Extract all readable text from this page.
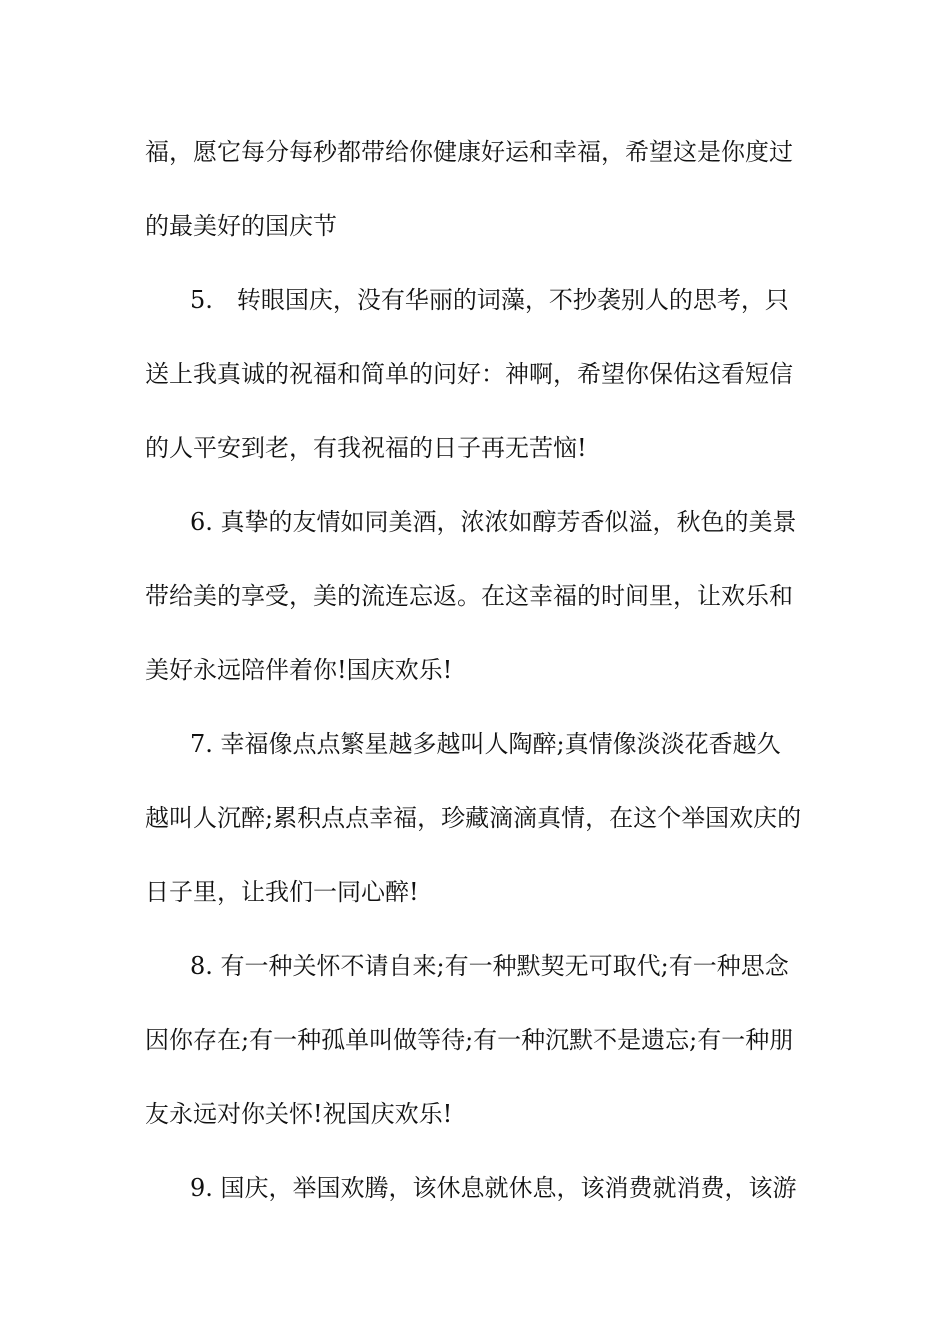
福，愿它每分每秒都带给你健康好运和幸福，希望这是你度过
的最美好的国庆节
5.　转眼国庆，没有华丽的词藻，不抄袭别人的思考，只
送上我真诚的祝福和简单的问好：神啊，希望你保佑这看短信
的人平安到老，有我祝福的日子再无苦恼!
6. 真挚的友情如同美酒，浓浓如醇芳香似溢，秋色的美景
带给美的享受，美的流连忘返。在这幸福的时间里，让欢乐和
美好永远陪伴着你!国庆欢乐!
7. 幸福像点点繁星越多越叫人陶醉;真情像淡淡花香越久
越叫人沉醉;累积点点幸福，珍藏滴滴真情，在这个举国欢庆的
日子里，让我们一同心醉!
8. 有一种关怀不请自来;有一种默契无可取代;有一种思念
因你存在;有一种孤单叫做等待;有一种沉默不是遗忘;有一种朋
友永远对你关怀!祝国庆欢乐!
9. 国庆，举国欢腾，该休息就休息，该消费就消费，该游
